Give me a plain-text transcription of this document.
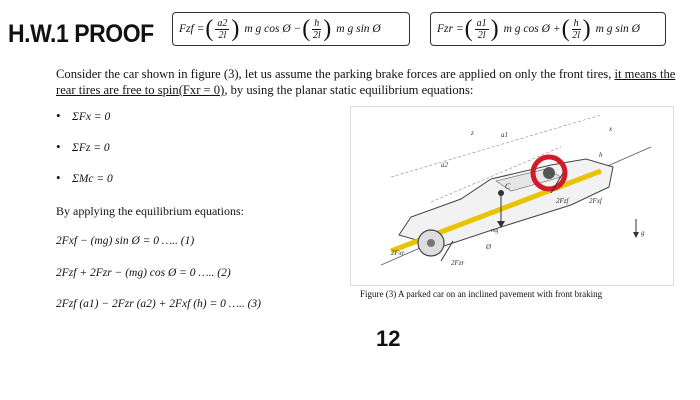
H.W.1 PROOF Fzf = ( $\frac{a2}{2l}$ ) m g cos Ø − ( $\frac{h}{2l}$ ) m g sin Ø	Fzr = ( $\frac{a1}{2l}$ ) m g cos Ø + ( $\frac{h}{2l}$ ) m g sin Ø
Consider the car shown in figure (3), let us assume the parking brake forces are applied on only the front tires, it means the rear tires are free to spin(Fxr = 0), by using the planar static equilibrium equations:
• ΣFx = 0
• ΣFz = 0
• ΣMc = 0
By applying the equilibrium equations:
2Fxf − (mg) sin Ø = 0 ….. (1)
2Fzf + 2Fzr − (mg) cos Ø = 0 ….. (2)
2Fzf (a1) − 2Fzr (a2) + 2Fxf (h) = 0 ….. (3)
a1
a2
h
C
mg
Ø
2Fzf	2Fxf
2Fxr
2Fzr
x
z
g
Figure (3) A parked car on an inclined pavement with front braking
12
